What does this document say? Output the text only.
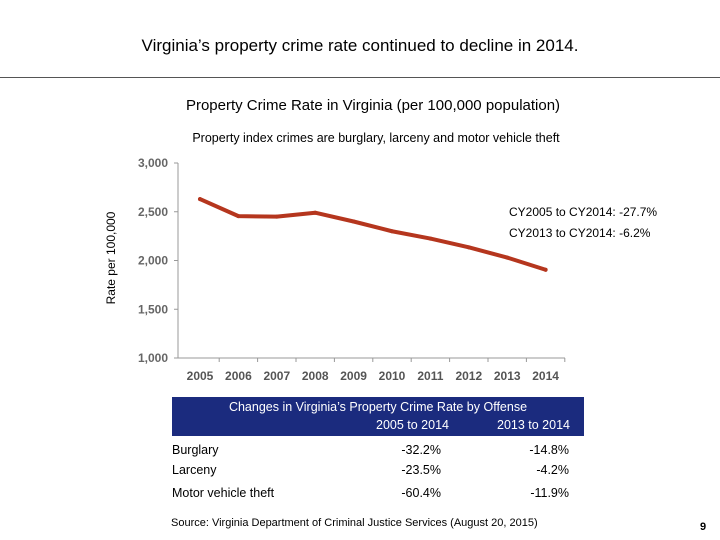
Virginia’s property crime rate continued to decline in 2014.
Property Crime Rate in Virginia (per 100,000 population)
Property index crimes are burglary, larceny and motor vehicle theft
Rate per 100,000
1,000
1,500
2,000
2,500
3,000
2005 2006 2007 2008 2009 2010 2011 2012 2013 2014
CY2005 to CY2014: -27.7%
CY2013 to CY2014: -6.2%
Changes in Virginia’s Property Crime Rate by Offense
2005 to 2014	2013 to 2014
Burglary	-32.2%	-14.8%
Larceny	-23.5%	-4.2%
Motor vehicle theft	-60.4%	-11.9%
Source: Virginia Department of Criminal Justice Services (August 20, 2015)	9
